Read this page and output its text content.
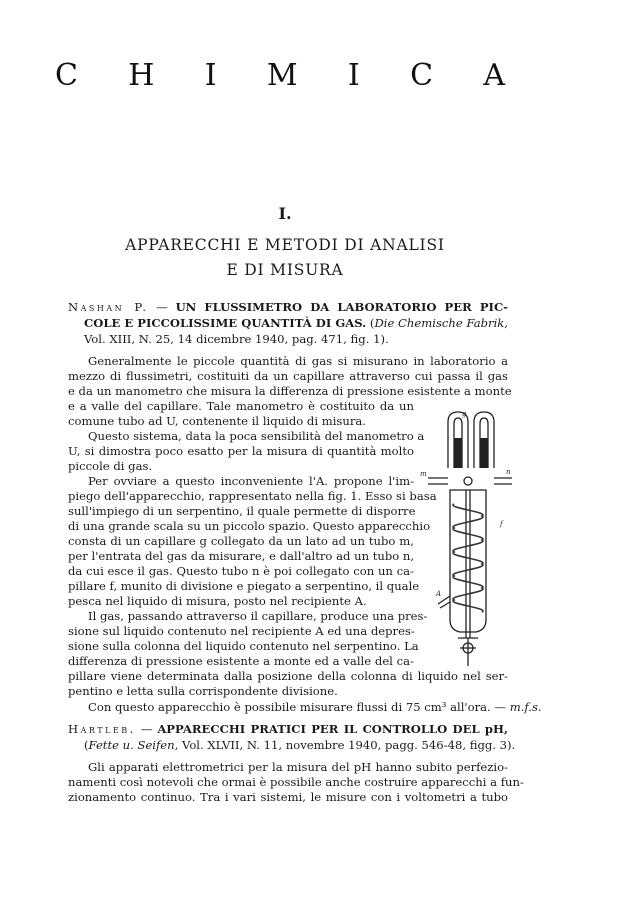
C H I M I C A
I.
APPARECCHI E METODI DI ANALISI
E DI MISURA
Nashan P. — UN FLUSSIMETRO DA LABORATORIO PER PIC-
COLE E PICCOLISSIME QUANTITÀ DI GAS. (Die Chemische Fabrik,
Vol. XIII, N. 25, 14 dicembre 1940, pag. 471, fig. 1).
Generalmente le piccole quantità di gas si misurano in laboratorio a
mezzo di flussimetri, costituiti da un capillare attraverso cui passa il gas
e da un manometro che misura la differenza di pressione esistente a monte
e a valle del capillare. Tale manometro è costituito da un
comune tubo ad U, contenente il liquido di misura.
Questo sistema, data la poca sensibilità del manometro a
U, si dimostra poco esatto per la misura di quantità molto
piccole di gas.
Per ovviare a questo inconveniente l'A. propone l'im-
piego dell'apparecchio, rappresentato nella fig. 1. Esso si basa
sull'impiego di un serpentino, il quale permette di disporre
di una grande scala su un piccolo spazio. Questo apparecchio
consta di un capillare g collegato da un lato ad un tubo m,
per l'entrata del gas da misurare, e dall'altro ad un tubo n,
da cui esce il gas. Questo tubo n è poi collegato con un ca-
pillare f, munito di divisione e piegato a serpentino, il quale
pesca nel liquido di misura, posto nel recipiente A.
Il gas, passando attraverso il capillare, produce una pres-
sione sul liquido contenuto nel recipiente A ed una depres-
sione sulla colonna del liquido contenuto nel serpentino. La
differenza di pressione esistente a monte ed a valle del ca-
pillare viene determinata dalla posizione della colonna di liquido nel ser-
pentino e letta sulla corrispondente divisione.
Con questo apparecchio è possibile misurare flussi di 75 cm³ all'ora. — m.f.s.
g
m	n
f
A
Hartleb. — APPARECCHI PRATICI PER IL CONTROLLO DEL pH,
(Fette u. Seifen, Vol. XLVII, N. 11, novembre 1940, pagg. 546-48, figg. 3).
Gli apparati elettrometrici per la misura del pH hanno subito perfezio-
namenti così notevoli che ormai è possibile anche costruire apparecchi a fun-
zionamento continuo. Tra i vari sistemi, le misure con i voltometri a tubo
